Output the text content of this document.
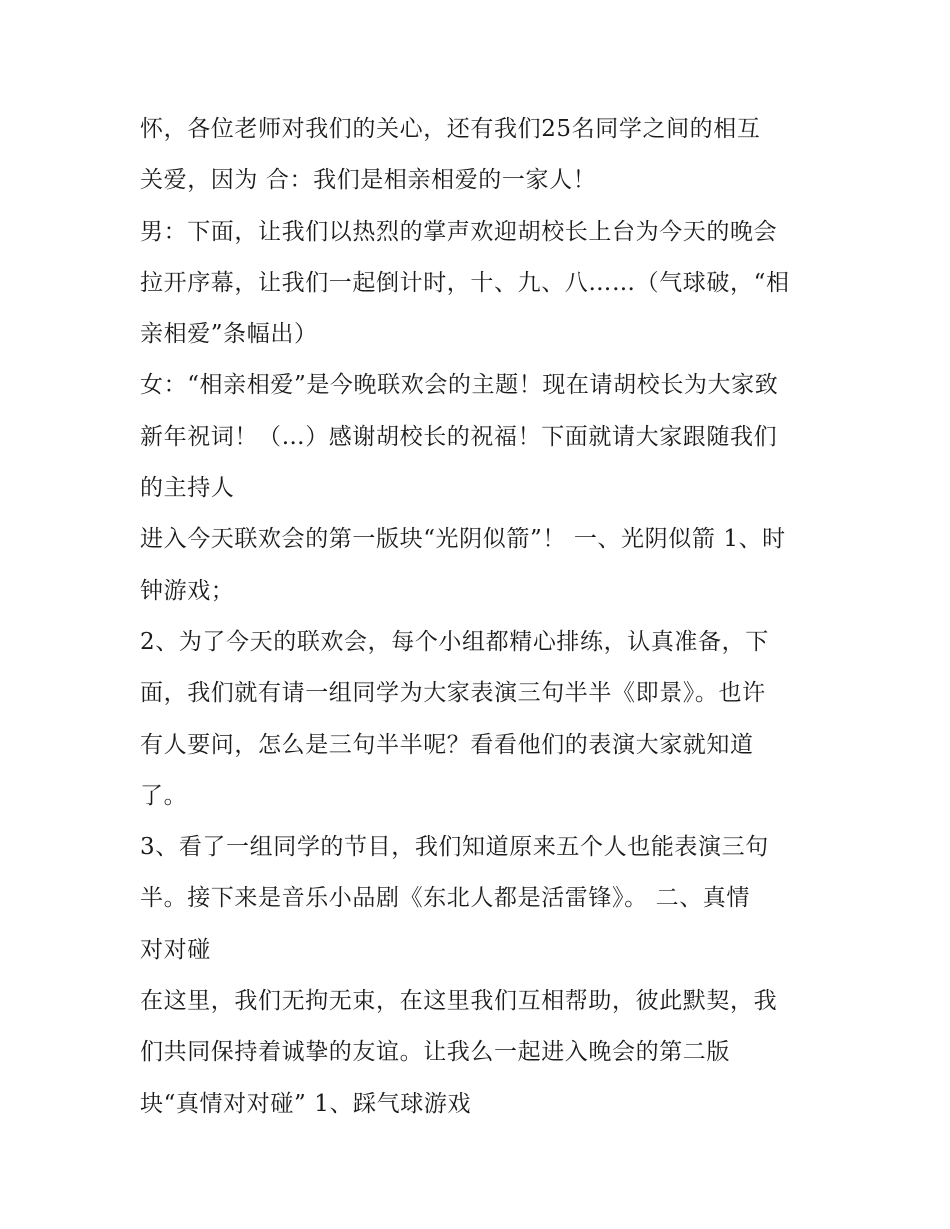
怀，各位老师对我们的关心，还有我们25名同学之间的相互
关爱，因为 合：我们是相亲相爱的一家人！
男：下面，让我们以热烈的掌声欢迎胡校长上台为今天的晚会
拉开序幕，让我们一起倒计时，十、九、八……（气球破，“相
亲相爱”条幅出）
女：“相亲相爱”是今晚联欢会的主题！现在请胡校长为大家致
新年祝词！（…）感谢胡校长的祝福！下面就请大家跟随我们
的主持人
进入今天联欢会的第一版块“光阴似箭”！ 一、光阴似箭 1、时
钟游戏；
2、为了今天的联欢会，每个小组都精心排练，认真准备，下
面，我们就有请一组同学为大家表演三句半半《即景》。也许
有人要问，怎么是三句半半呢？看看他们的表演大家就知道
了。
3、看了一组同学的节目，我们知道原来五个人也能表演三句
半。接下来是音乐小品剧《东北人都是活雷锋》。 二、真情
对对碰
在这里，我们无拘无束，在这里我们互相帮助，彼此默契，我
们共同保持着诚挚的友谊。让我么一起进入晚会的第二版
块“真情对对碰” 1、踩气球游戏
